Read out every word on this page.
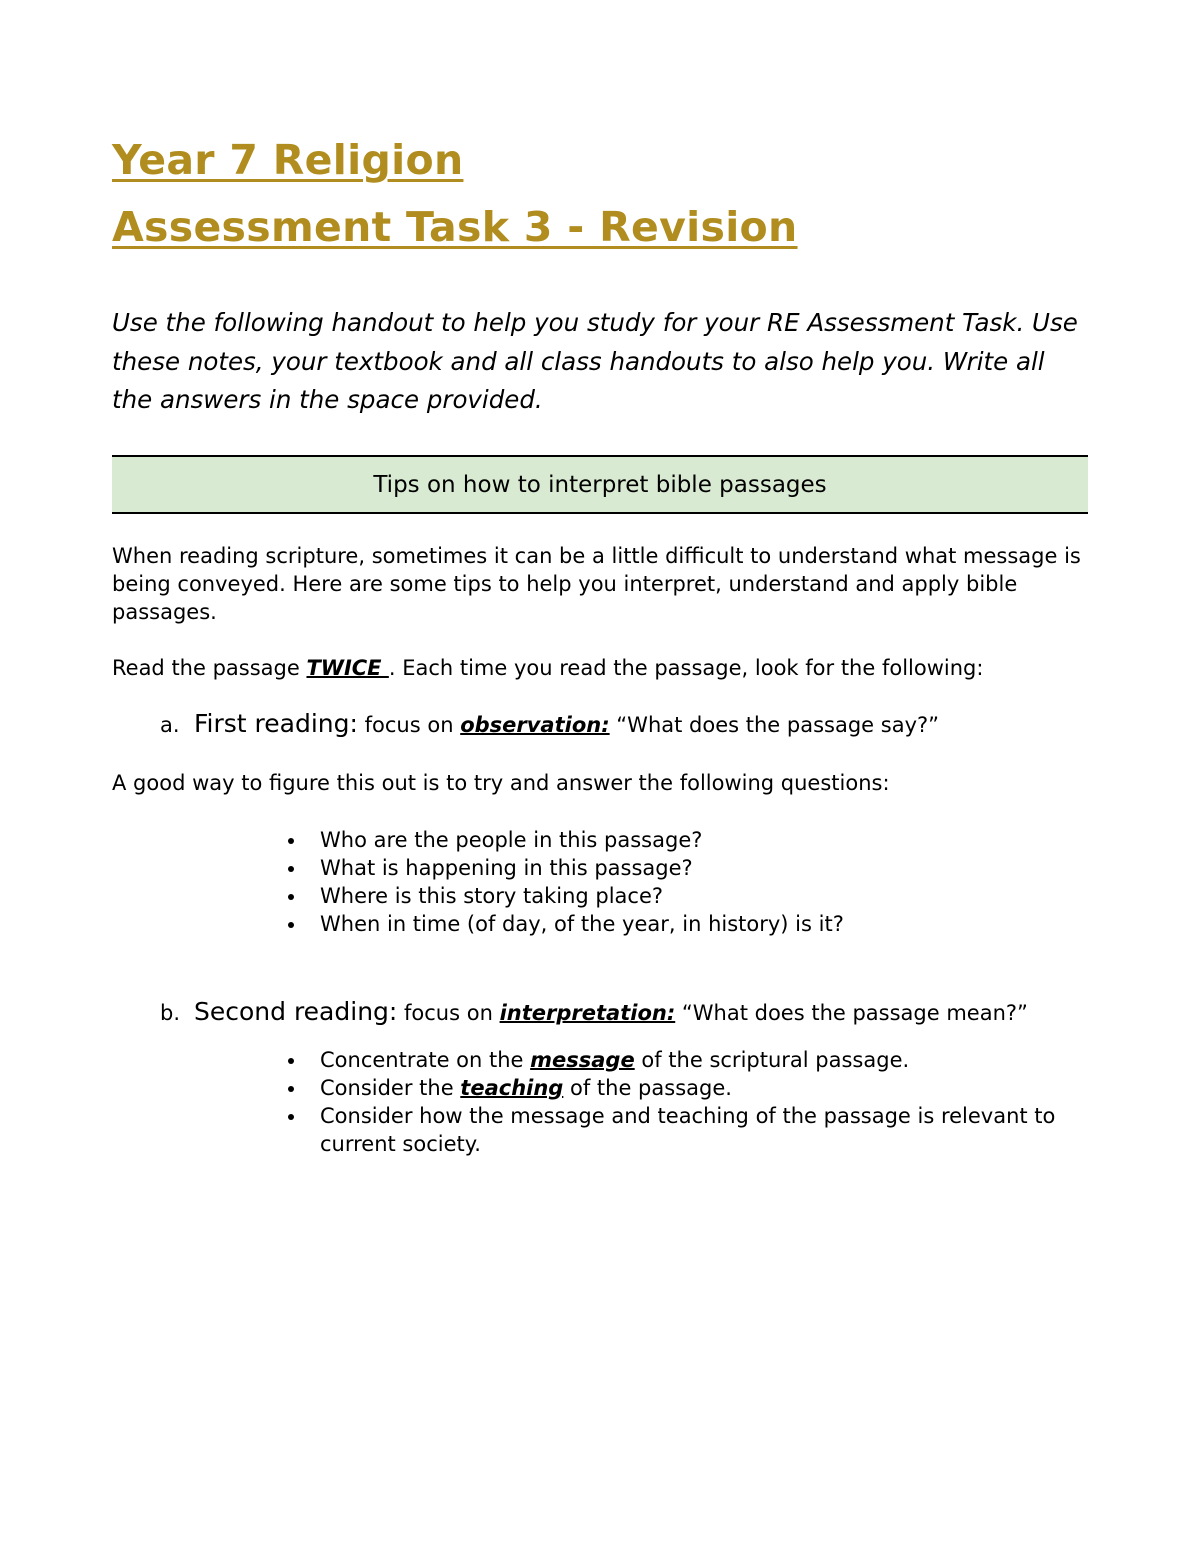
Year 7 Religion
Assessment Task 3 - Revision

Use the following handout to help you study for your RE Assessment Task. Use these notes, your textbook and all class handouts to also help you. Write all the answers in the space provided.

Tips on how to interpret bible passages

When reading scripture, sometimes it can be a little difficult to understand what message is being conveyed. Here are some tips to help you interpret, understand and apply bible passages.

Read the passage TWICE . Each time you read the passage, look for the following:

a. First reading: focus on observation: “What does the passage say?”

A good way to figure this out is to try and answer the following questions:

Who are the people in this passage?
What is happening in this passage?
Where is this story taking place?
When in time (of day, of the year, in history) is it?
b. Second reading: focus on interpretation: “What does the passage mean?”
Concentrate on the message of the scriptural passage.
Consider the teaching of the passage.
Consider how the message and teaching of the passage is relevant to current society.
